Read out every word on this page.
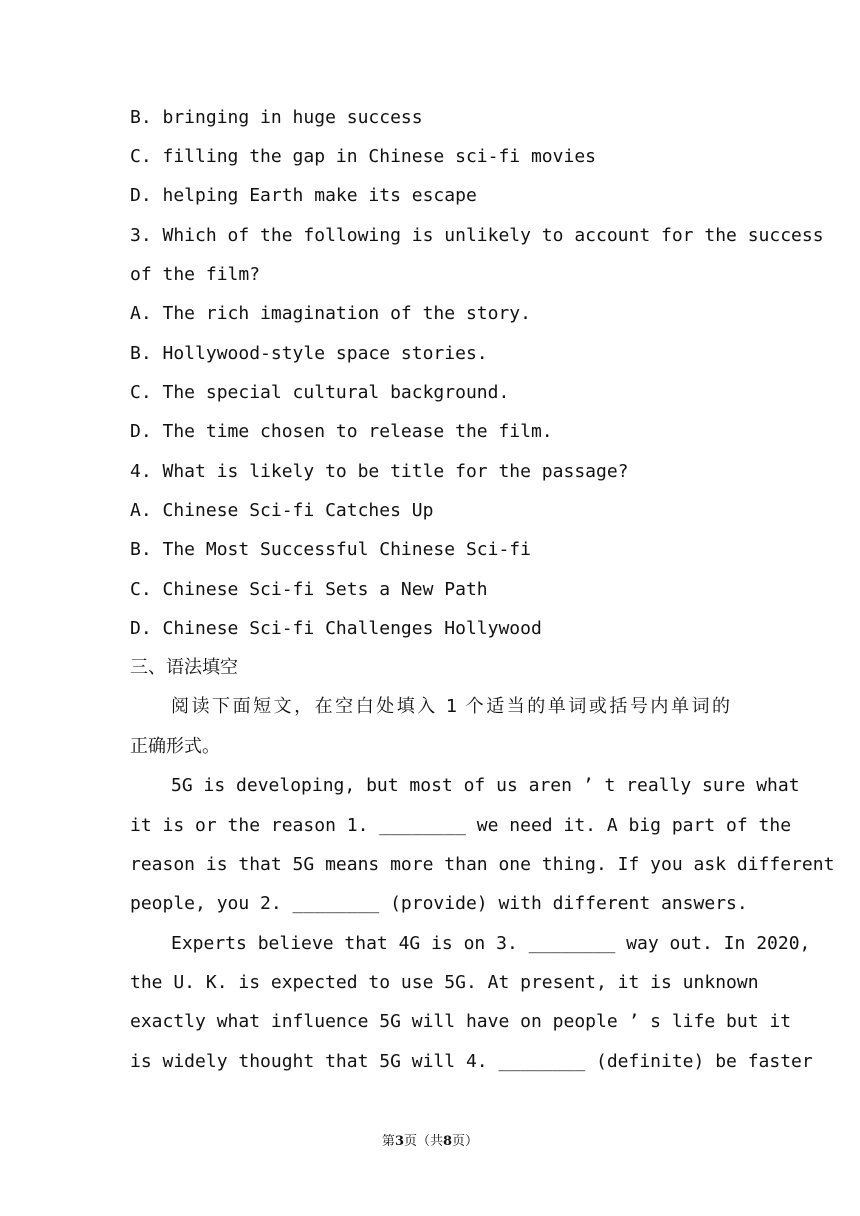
B. bringing in huge success
C. filling the gap in Chinese sci-fi movies
D. helping Earth make its escape
3. Which of the following is unlikely to account for the success
of the film?
A. The rich imagination of the story.
B. Hollywood-style space stories.
C. The special cultural background.
D. The time chosen to release the film.
4. What is likely to be title for the passage?
A. Chinese Sci-fi Catches Up
B. The Most Successful Chinese Sci-fi
C. Chinese Sci-fi Sets a New Path
D. Chinese Sci-fi Challenges Hollywood
三、语法填空
阅读下面短文，在空白处填入 1 个适当的单词或括号内单词的
正确形式。
5G is developing, but most of us aren ’ t really sure what
it is or the reason 1. ________ we need it. A big part of the
reason is that 5G means more than one thing. If you ask different
people, you 2. ________ (provide) with different answers.
Experts believe that 4G is on 3. ________ way out. In 2020,
the U. K. is expected to use 5G. At present, it is unknown
exactly what influence 5G will have on people ’ s life but it
is widely thought that 5G will 4. ________ (definite) be faster
第3页（共8页）
